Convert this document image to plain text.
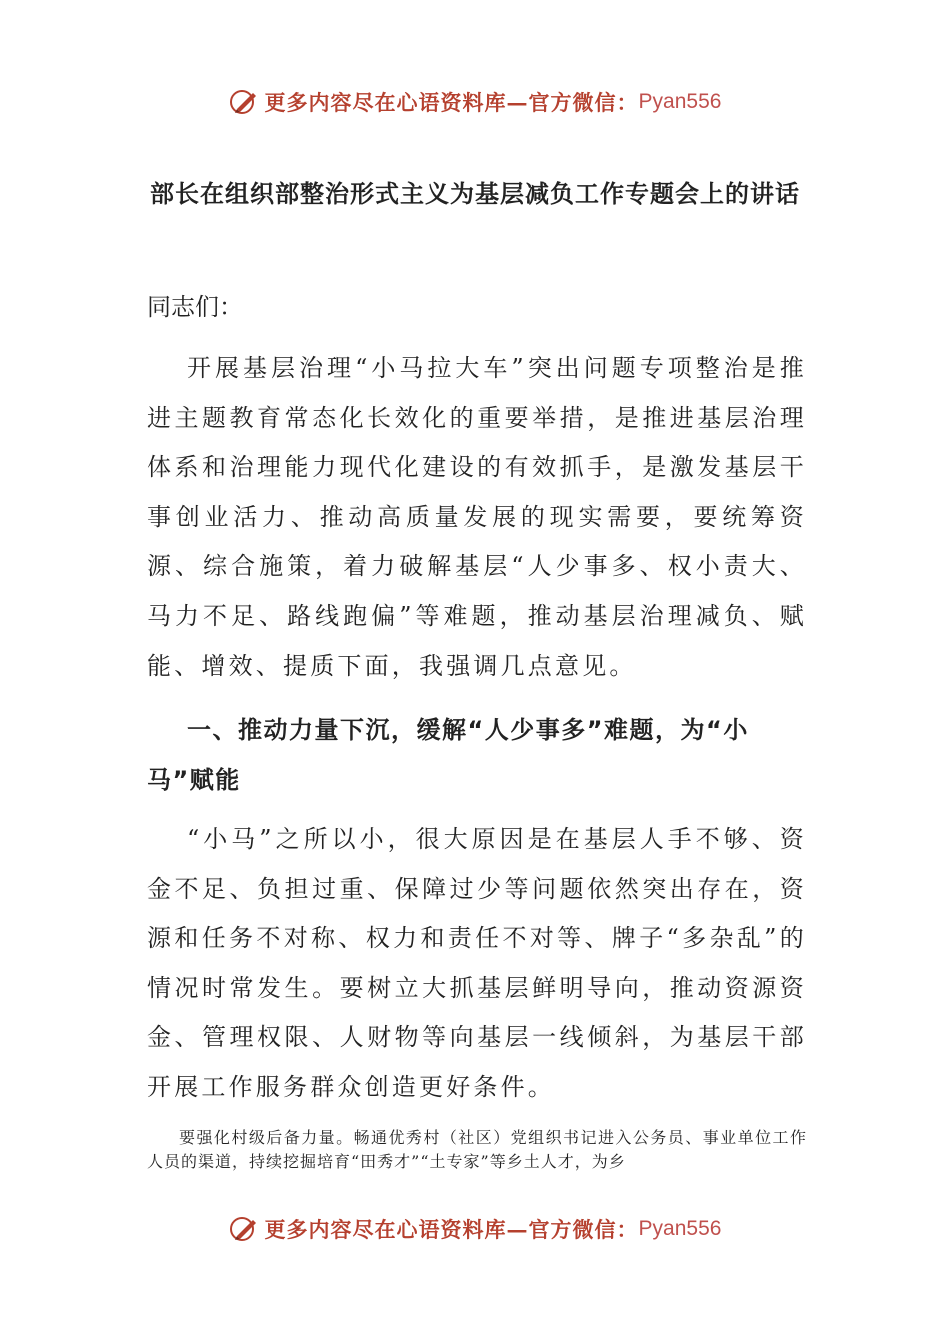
更多内容尽在心语资料库—官方微信： Pyan556
部长在组织部整治形式主义为基层减负工作专题会上的讲话
同志们：
开展基层治理“小马拉大车”突出问题专项整治是推进主题教育常态化长效化的重要举措，是推进基层治理体系和治理能力现代化建设的有效抓手，是激发基层干事创业活力、推动高质量发展的现实需要，要统筹资源、综合施策，着力破解基层“人少事多、权小责大、马力不足、路线跑偏”等难题，推动基层治理减负、赋能、增效、提质下面，我强调几点意见。
一、推动力量下沉，缓解“人少事多”难题，为“小马”赋能
“小马”之所以小，很大原因是在基层人手不够、资金不足、负担过重、保障过少等问题依然突出存在，资源和任务不对称、权力和责任不对等、牌子“多杂乱”的情况时常发生。要树立大抓基层鲜明导向，推动资源资金、管理权限、人财物等向基层一线倾斜，为基层干部开展工作服务群众创造更好条件。
要强化村级后备力量。畅通优秀村（社区）党组织书记进入公务员、事业单位工作人员的渠道，持续挖掘培育“田秀才”“土专家”等乡土人才，为乡
更多内容尽在心语资料库—官方微信： Pyan556
